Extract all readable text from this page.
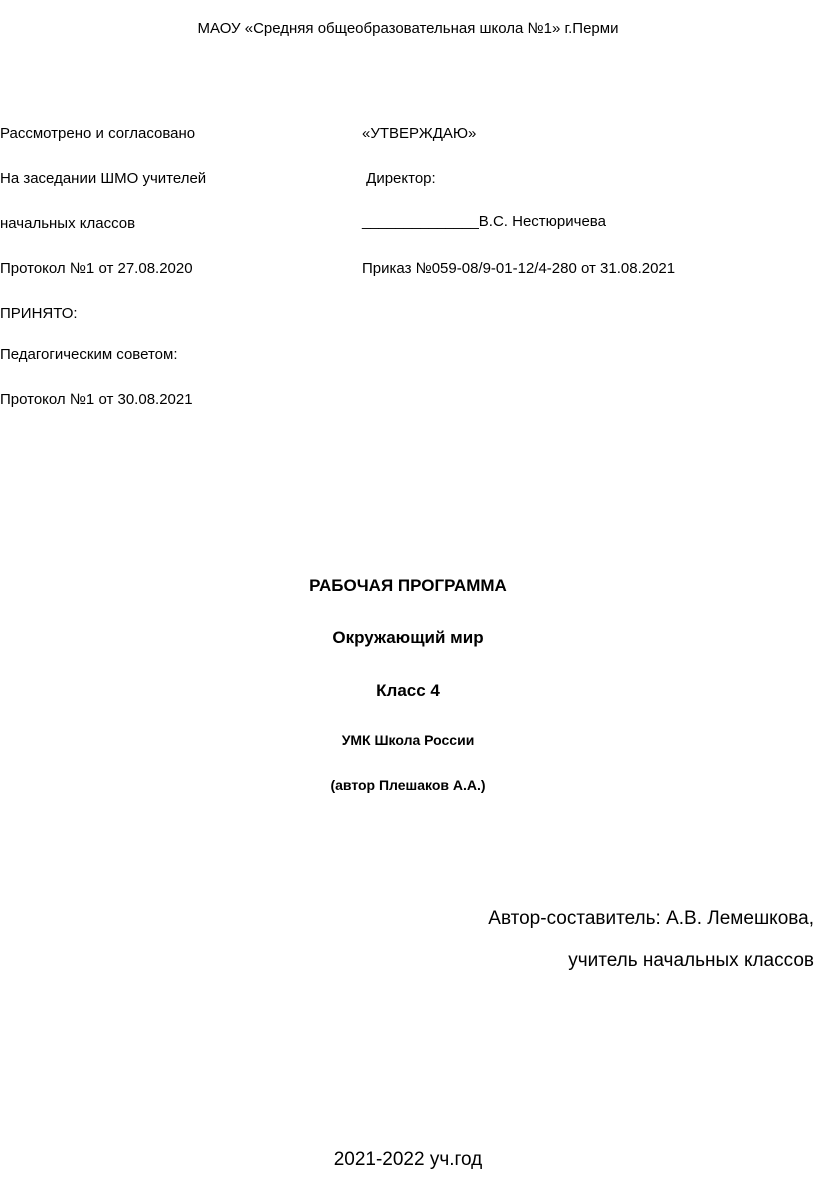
МАОУ «Средняя общеобразовательная школа №1» г.Перми
Рассмотрено и согласовано
На заседании ШМО учителей
начальных классов
Протокол №1 от 27.08.2020
ПРИНЯТО:
Педагогическим советом:
Протокол №1 от 30.08.2021
«УТВЕРЖДАЮ»
Директор:
______________В.С. Нестюричева
Приказ №059-08/9-01-12/4-280 от 31.08.2021
РАБОЧАЯ ПРОГРАММА
Окружающий мир
Класс 4
УМК Школа России
(автор Плешаков А.А.)
Автор-составитель: А.В. Лемешкова,
учитель начальных классов
2021-2022 уч.год
